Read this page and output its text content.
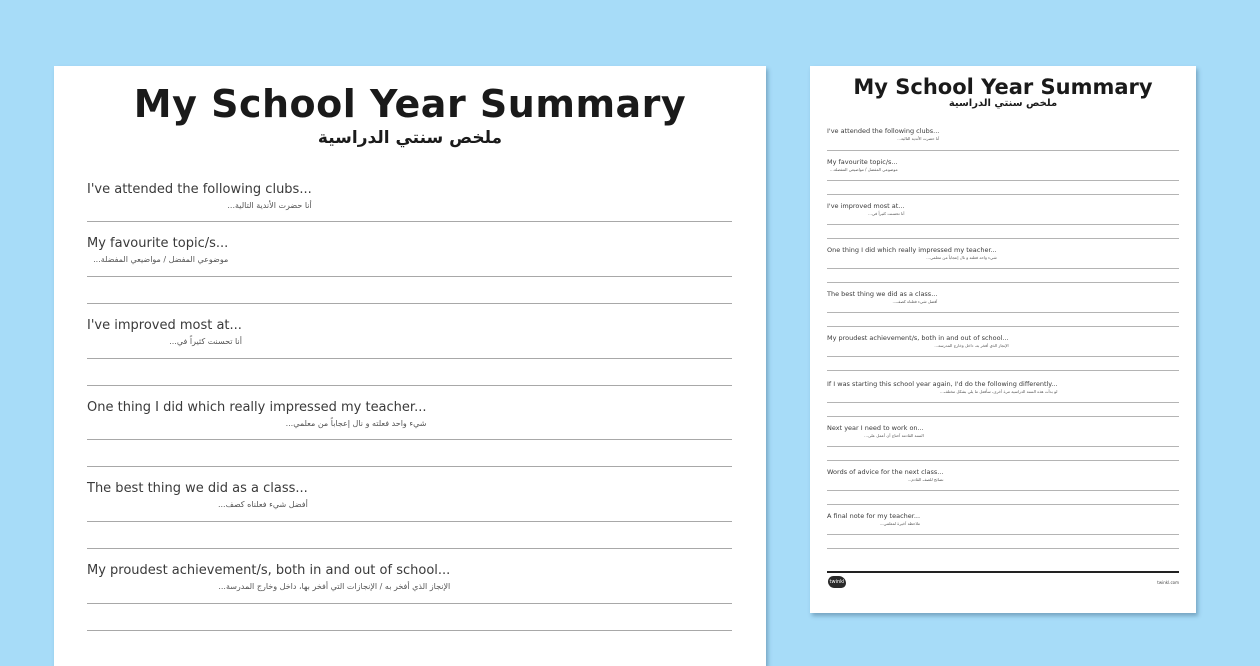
My School Year Summary
ملخص سنتي الدراسية
I've attended the following clubs...
أنا حضرت الأندية التالية...
My favourite topic/s...
موضوعي المفضل / مواضيعي المفضلة...
I've improved most at...
أنا تحسنت كثيراً في...
One thing I did which really impressed my teacher...
شيء واحد فعلته و نال إعجاباً من معلمي...
The best thing we did as a class...
أفضل شيء فعلناه كصف...
My proudest achievement/s, both in and out of school...
الإنجاز الذي أفخر به / الإنجازات التي أفخر بها، داخل وخارج المدرسة...
My School Year Summary
ملخص سنتي الدراسية
I've attended the following clubs...
أنا حضرت الأندية التالية...
My favourite topic/s...
موضوعي المفضل / مواضيعي المفضلة...
I've improved most at...
أنا تحسنت كثيراً في...
One thing I did which really impressed my teacher...
شيء واحد فعلته و نال إعجاباً من معلمي...
The best thing we did as a class...
أفضل شيء فعلناه كصف...
My proudest achievement/s, both in and out of school...
الإنجاز الذي أفخر به، داخل وخارج المدرسة...
If I was starting this school year again, I'd do the following differently...
لو بدأت هذه السنة الدراسية مرة أخرى، سأفعل ما يلي بشكل مختلف...
Next year I need to work on...
السنة القادمة أحتاج أن أعمل على...
Words of advice for the next class...
نصائح للصف القادم...
A final note for my teacher...
ملاحظة أخيرة لمعلمي...
twinkl	twinkl.com
